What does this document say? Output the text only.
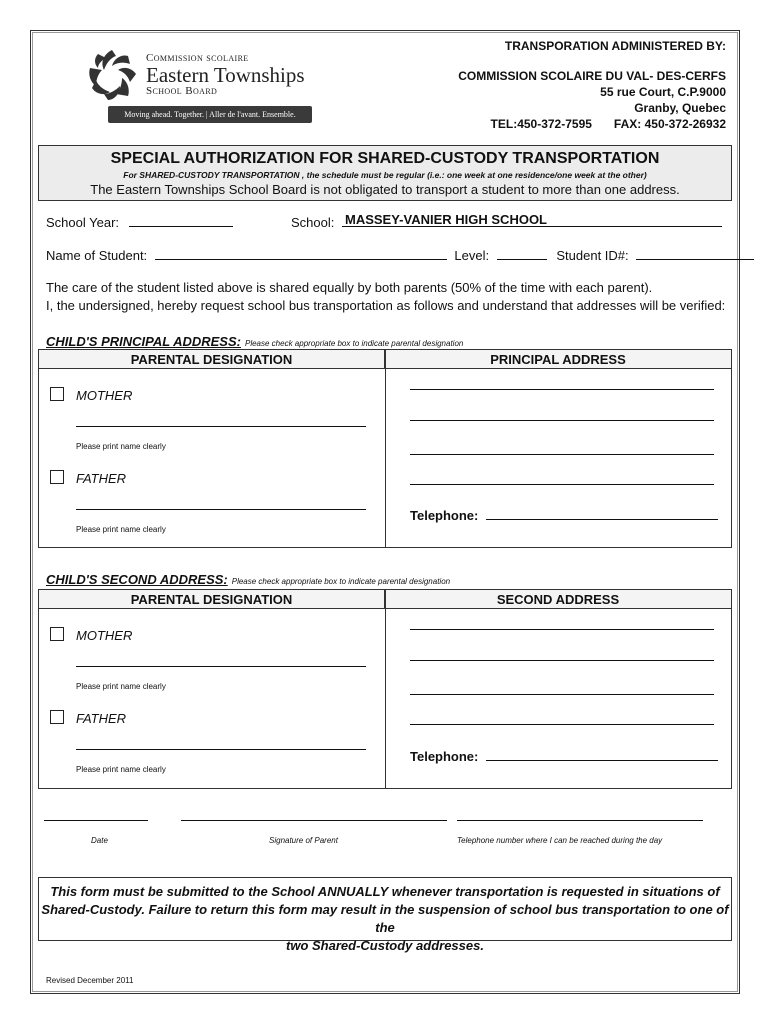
Commission scolaire
Eastern Townships
School Board
Moving ahead. Together. | Aller de l'avant. Ensemble.
TRANSPORATION ADMINISTERED BY:
COMMISSION SCOLAIRE DU VAL- DES-CERFS
55 rue Court, C.P.9000
Granby, Quebec
TEL:450-372-7595 FAX: 450-372-26932
SPECIAL AUTHORIZATION FOR SHARED-CUSTODY TRANSPORTATION
For SHARED-CUSTODY TRANSPORTATION , the schedule must be regular (i.e.: one week at one residence/one week at the other)
The Eastern Townships School Board is not obligated to transport a student to more than one address.
School Year:	School: MASSEY-VANIER HIGH SCHOOL
Name of Student:	Level:	Student ID#:
The care of the student listed above is shared equally by both parents (50% of the time with each parent).
I, the undersigned, hereby request school bus transportation as follows and understand that addresses will be verified:
CHILD'S PRINCIPAL ADDRESS: Please check appropriate box to indicate parental designation
PARENTAL DESIGNATION	PRINCIPAL ADDRESS
MOTHER
Please print name clearly
FATHER
Please print name clearly
Telephone:
CHILD'S SECOND ADDRESS: Please check appropriate box to indicate parental designation
PARENTAL DESIGNATION	SECOND ADDRESS
MOTHER
Please print name clearly
FATHER
Please print name clearly
Telephone:
Date	Signature of Parent	Telephone number where I can be reached during the day
This form must be submitted to the School ANNUALLY whenever transportation is requested in situations of
Shared-Custody. Failure to return this form may result in the suspension of school bus transportation to one of the
two Shared-Custody addresses.
Revised December 2011
